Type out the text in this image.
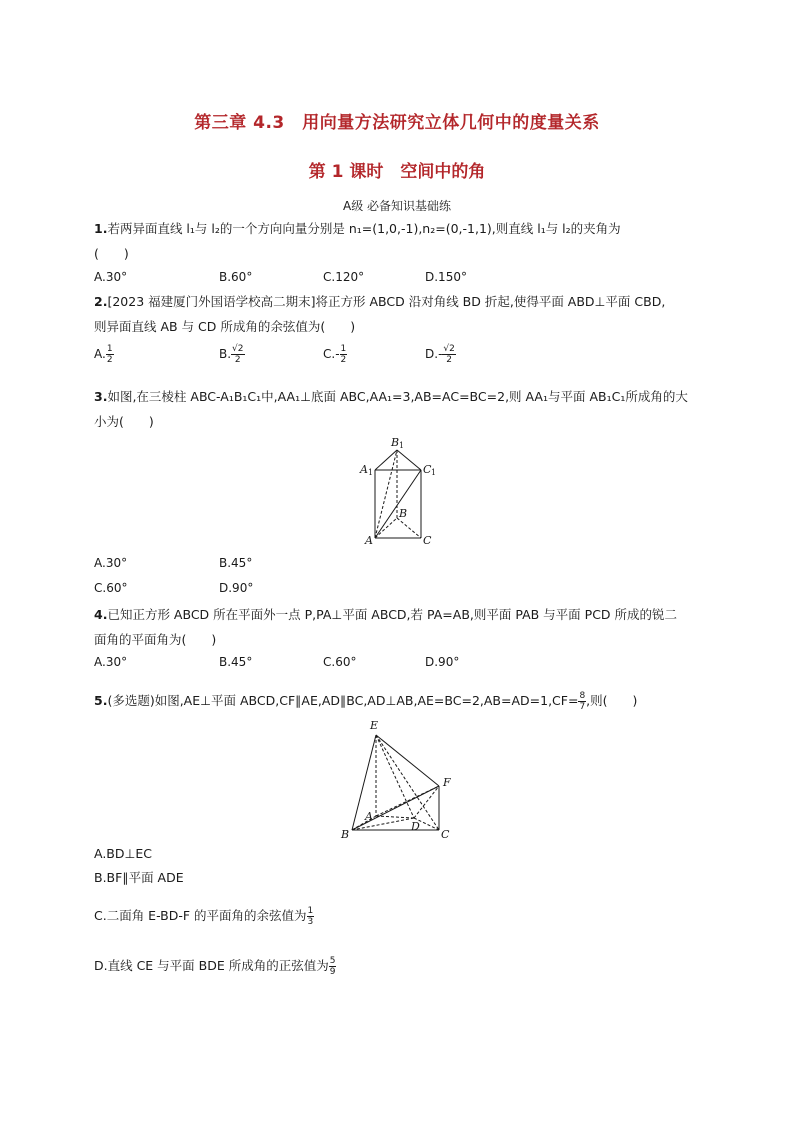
第三章 4.3　用向量方法研究立体几何中的度量关系
第 1 课时　空间中的角
A级 必备知识基础练
1.若两异面直线 l₁与 l₂的一个方向向量分别是 n₁=(1,0,-1),n₂=(0,-1,1),则直线 l₁与 l₂的夹角为
(　　)
A.30°	B.60°	C.120°	D.150°
2.[2023 福建厦门外国语学校高二期末]将正方形 ABCD 沿对角线 BD 折起,使得平面 ABD⊥平面 CBD,
则异面直线 AB 与 CD 所成角的余弦值为(　　)
A. $\frac{1}{2}$	B. $\frac{√2}{2}$	$C.- \frac{1}{2}$	$D.- \frac{√2}{2}$
3.如图,在三棱柱 ABC-A₁B₁C₁中,AA₁⊥底面 ABC,AA₁=3,AB=AC=BC=2,则 AA₁与平面 AB₁C₁所成角的大
小为(　　)
B 1
A 1	C 1
B
A	C
A.30°	B.45°
C.60°	D.90°
4.已知正方形 ABCD 所在平面外一点 P,PA⊥平面 ABCD,若 PA=AB,则平面 PAB 与平面 PCD 所成的锐二
面角的平面角为(　　)
A.30°	B.45°	C.60°	D.90°
5.(多选题)如图,AE⊥平面 ABCD,CF∥AE,AD∥BC,AD⊥AB,AE=BC=2,AB=AD=1,CF= $\frac{8}{7}$ ,则(　　)
E
F
A
D
B	C
A.BD⊥EC
B.BF∥平面 ADE
C.二面角 E-BD-F 的平面角的余弦值为 $\frac{1}{3}$
D.直线 CE 与平面 BDE 所成角的正弦值为 $\frac{5}{9}$
